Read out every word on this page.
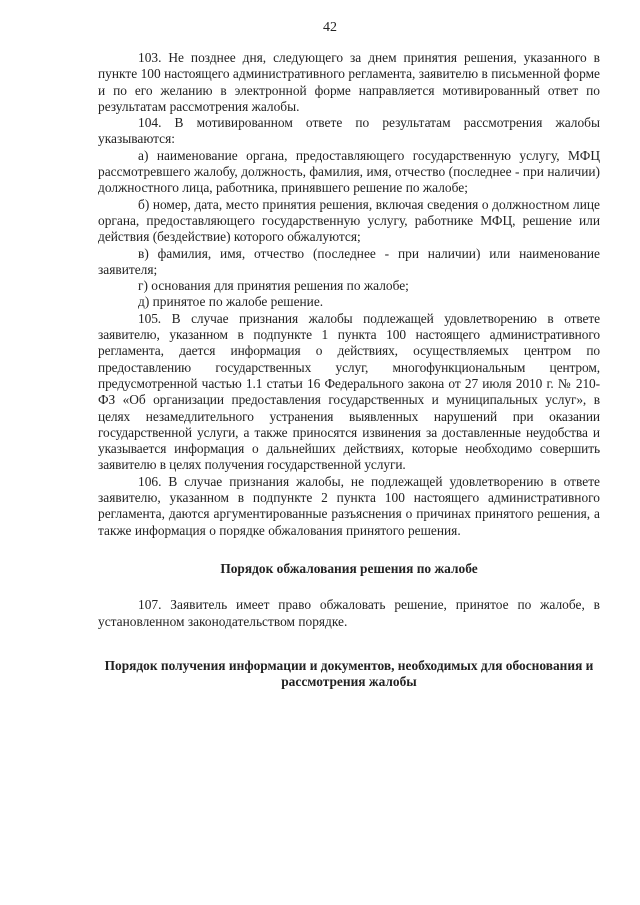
42

103. Не позднее дня, следующего за днем принятия решения, указанного в пункте 100 настоящего административного регламента, заявителю в письменной форме и по его желанию в электронной форме направляется мотивированный ответ по результатам рассмотрения жалобы.

104. В мотивированном ответе по результатам рассмотрения жалобы указываются:

а) наименование органа, предоставляющего государственную услугу, МФЦ рассмотревшего жалобу, должность, фамилия, имя, отчество (последнее - при наличии) должностного лица, работника, принявшего решение по жалобе;

б) номер, дата, место принятия решения, включая сведения о должностном лице органа, предоставляющего государственную услугу, работнике МФЦ, решение или действия (бездействие) которого обжалуются;

в) фамилия, имя, отчество (последнее - при наличии) или наименование заявителя;

г) основания для принятия решения по жалобе;

д) принятое по жалобе решение.

105. В случае признания жалобы подлежащей удовлетворению в ответе заявителю, указанном в подпункте 1 пункта 100 настоящего административного регламента, дается информация о действиях, осуществляемых центром по предоставлению государственных услуг, многофункциональным центром, предусмотренной частью 1.1 статьи 16 Федерального закона от 27 июля 2010 г. № 210-ФЗ «Об организации предоставления государственных и муниципальных услуг», в целях незамедлительного устранения выявленных нарушений при оказании государственной услуги, а также приносятся извинения за доставленные неудобства и указывается информация о дальнейших действиях, которые необходимо совершить заявителю в целях получения государственной услуги.

106. В случае признания жалобы, не подлежащей удовлетворению в ответе заявителю, указанном в подпункте 2 пункта 100 настоящего административного регламента, даются аргументированные разъяснения о причинах принятого решения, а также информация о порядке обжалования принятого решения.

Порядок обжалования решения по жалобе

107. Заявитель имеет право обжаловать решение, принятое по жалобе, в установленном законодательством порядке.

Порядок получения информации и документов, необходимых для обоснования и рассмотрения жалобы
